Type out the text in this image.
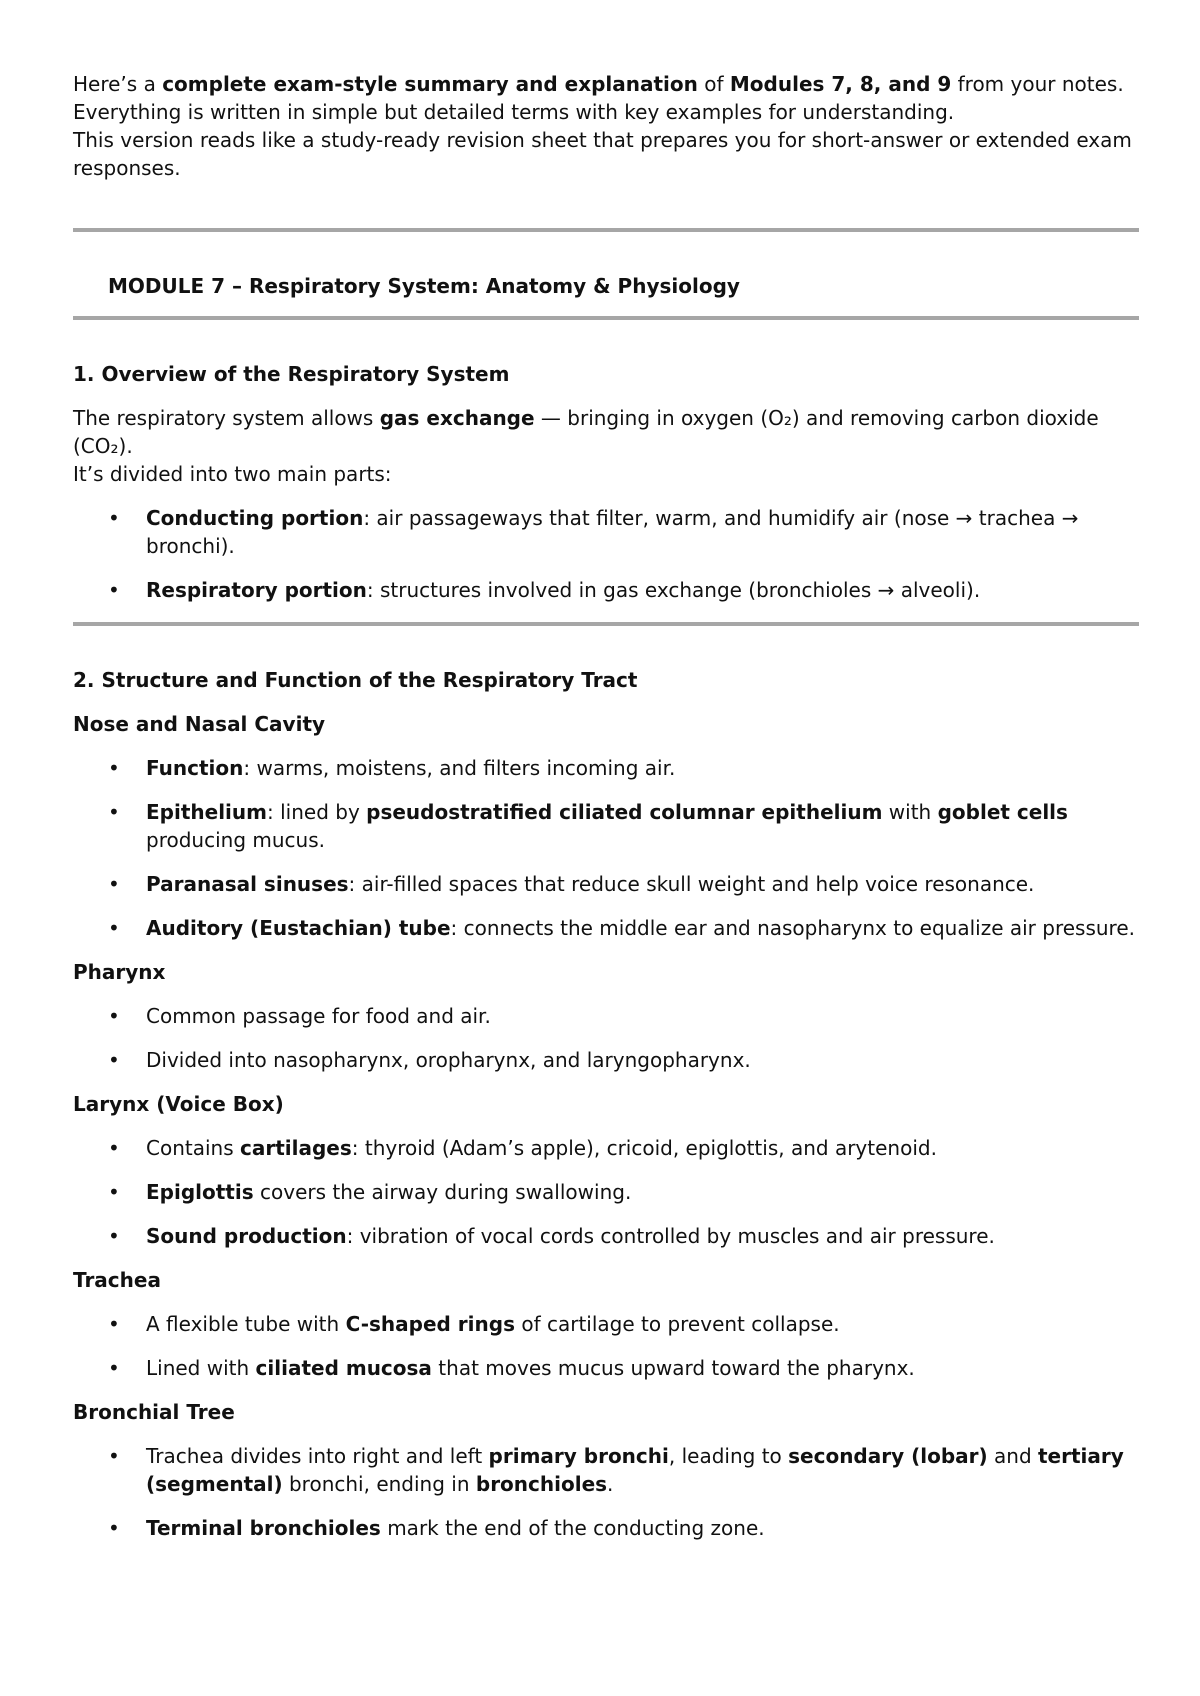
Here’s a complete exam-style summary and explanation of Modules 7, 8, and 9 from your notes.

Everything is written in simple but detailed terms with key examples for understanding.

This version reads like a study-ready revision sheet that prepares you for short-answer or extended exam responses.

MODULE 7 – Respiratory System: Anatomy & Physiology
1. Overview of the Respiratory System

The respiratory system allows gas exchange — bringing in oxygen (O₂) and removing carbon dioxide (CO₂).

It’s divided into two main parts:

• Conducting portion: air passageways that filter, warm, and humidify air (nose → trachea → bronchi).
• Respiratory portion: structures involved in gas exchange (bronchioles → alveoli).
2. Structure and Function of the Respiratory Tract
Nose and Nasal Cavity
• Function: warms, moistens, and filters incoming air.
• Epithelium: lined by pseudostratified ciliated columnar epithelium with goblet cells producing mucus.
• Paranasal sinuses: air-filled spaces that reduce skull weight and help voice resonance.
• Auditory (Eustachian) tube: connects the middle ear and nasopharynx to equalize air pressure.
Pharynx
• Common passage for food and air.
• Divided into nasopharynx, oropharynx, and laryngopharynx.
Larynx (Voice Box)
• Contains cartilages: thyroid (Adam’s apple), cricoid, epiglottis, and arytenoid.
• Epiglottis covers the airway during swallowing.
• Sound production: vibration of vocal cords controlled by muscles and air pressure.
Trachea
• A flexible tube with C-shaped rings of cartilage to prevent collapse.
• Lined with ciliated mucosa that moves mucus upward toward the pharynx.
Bronchial Tree
• Trachea divides into right and left primary bronchi, leading to secondary (lobar) and tertiary (segmental) bronchi, ending in bronchioles.
• Terminal bronchioles mark the end of the conducting zone.
